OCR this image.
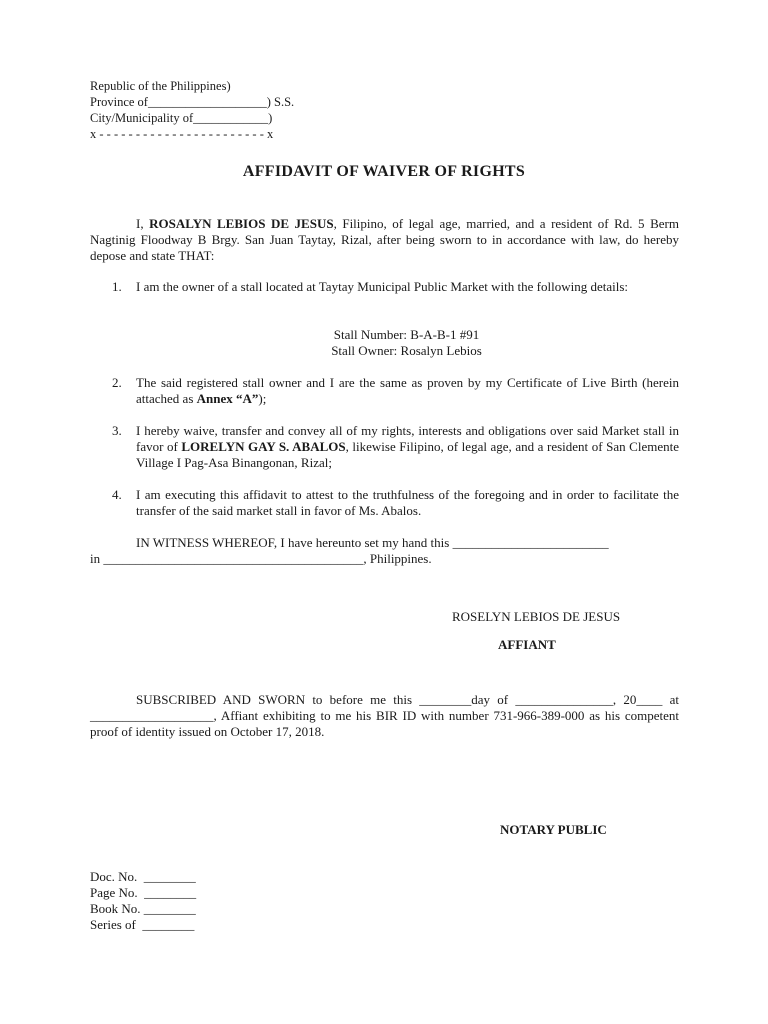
Republic of the Philippines)
Province of___________________) S.S.
City/Municipality of____________)
x - - - - - - - - - - - - - - - - - - - - - - - x
AFFIDAVIT OF WAIVER OF RIGHTS
I, ROSALYN LEBIOS DE JESUS, Filipino, of legal age, married, and a resident of Rd. 5 Berm Nagtinig Floodway B Brgy. San Juan Taytay, Rizal, after being sworn to in accordance with law, do hereby depose and state THAT:
1. I am the owner of a stall located at Taytay Municipal Public Market with the following details:
Stall Number: B-A-B-1 #91
Stall Owner: Rosalyn Lebios
2. The said registered stall owner and I are the same as proven by my Certificate of Live Birth (herein attached as Annex “A”);
3. I hereby waive, transfer and convey all of my rights, interests and obligations over said Market stall in favor of LORELYN GAY S. ABALOS, likewise Filipino, of legal age, and a resident of San Clemente Village I Pag-Asa Binangonan, Rizal;
4. I am executing this affidavit to attest to the truthfulness of the foregoing and in order to facilitate the transfer of the said market stall in favor of Ms. Abalos.
IN WITNESS WHEREOF, I have hereunto set my hand this ________________________
in ________________________________________, Philippines.
ROSELYN LEBIOS DE JESUS
AFFIANT
SUBSCRIBED AND SWORN to before me this ________day of _______________, 20____ at ___________________, Affiant exhibiting to me his BIR ID with number 731-966-389-000 as his competent proof of identity issued on October 17, 2018.
NOTARY PUBLIC
Doc. No.  ________
Page No.  ________
Book No. ________
Series of  ________
